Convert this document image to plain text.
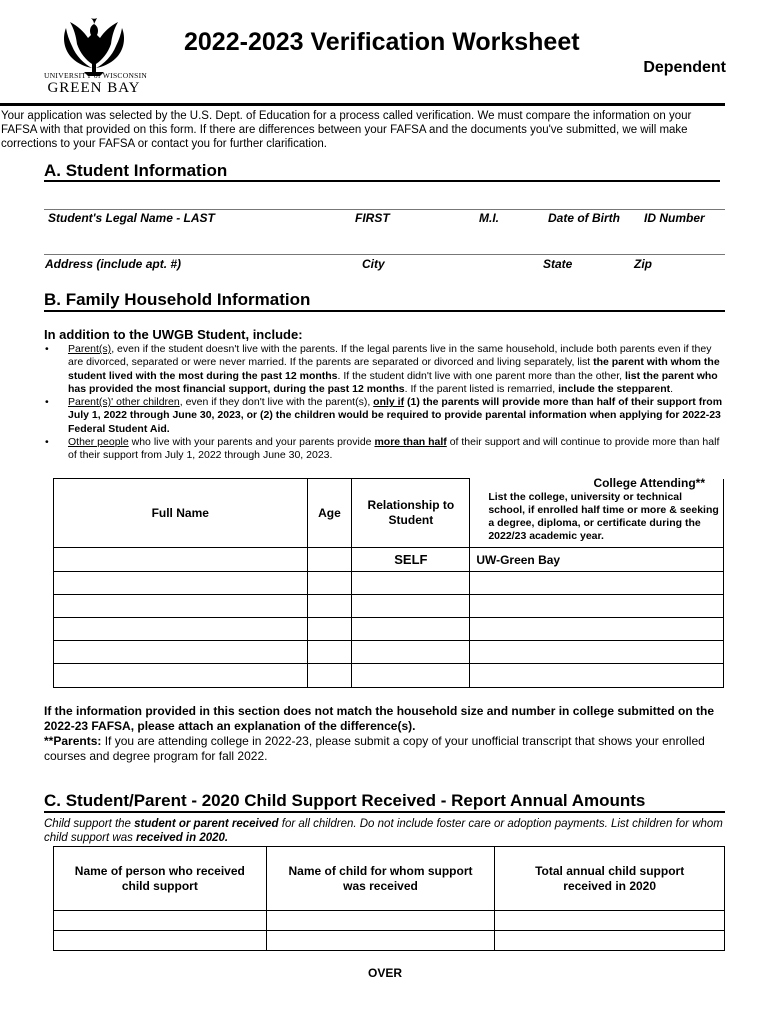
UNIVERSITY of WISCONSIN
GREEN BAY
2022-2023 Verification Worksheet
Dependent
Your application was selected by the U.S. Dept. of Education for a process called verification. We must compare the information on your FAFSA with that provided on this form. If there are differences between your FAFSA and the documents you've submitted, we will make corrections to your FAFSA or contact you for further clarification.
A. Student Information
Student's Legal Name - LAST	FIRST	M.I.	Date of Birth ID Number
Address (include apt. #)	City	State	Zip
B. Family Household Information
In addition to the UWGB Student, include:
• Parent(s), even if the student doesn't live with the parents. If the legal parents live in the same household, include both parents even if they are divorced, separated or were never married. If the parents are separated or divorced and living separately, list the parent with whom the student lived with the most during the past 12 months. If the student didn't live with one parent more than the other, list the parent who has provided the most financial support, during the past 12 months. If the parent listed is remarried, include the stepparent.
• Parent(s)' other children, even if they don't live with the parent(s), only if (1) the parents will provide more than half of their support from July 1, 2022 through June 30, 2023, or (2) the children would be required to provide parental information when applying for 2022-23 Federal Student Aid.
• Other people who live with your parents and your parents provide more than half of their support and will continue to provide more than half of their support from July 1, 2022 through June 30, 2023.
Full Name	Age	Relationship to Student	College Attending**
List the college, university or technical school, if enrolled half time or more & seeking a degree, diploma, or certificate during the 2022/23 academic year.

		SELF	UW-Green Bay

If the information provided in this section does not match the household size and number in college submitted on the 2022-23 FAFSA, please attach an explanation of the difference(s).
**Parents: If you are attending college in 2022-23, please submit a copy of your unofficial transcript that shows your enrolled courses and degree program for fall 2022.
C. Student/Parent - 2020 Child Support Received - Report Annual Amounts
Child support the student or parent received for all children. Do not include foster care or adoption payments. List children for whom child support was received in 2020.
Name of person who received child support	Name of child for whom support was received	Total annual child support received in 2020

OVER
